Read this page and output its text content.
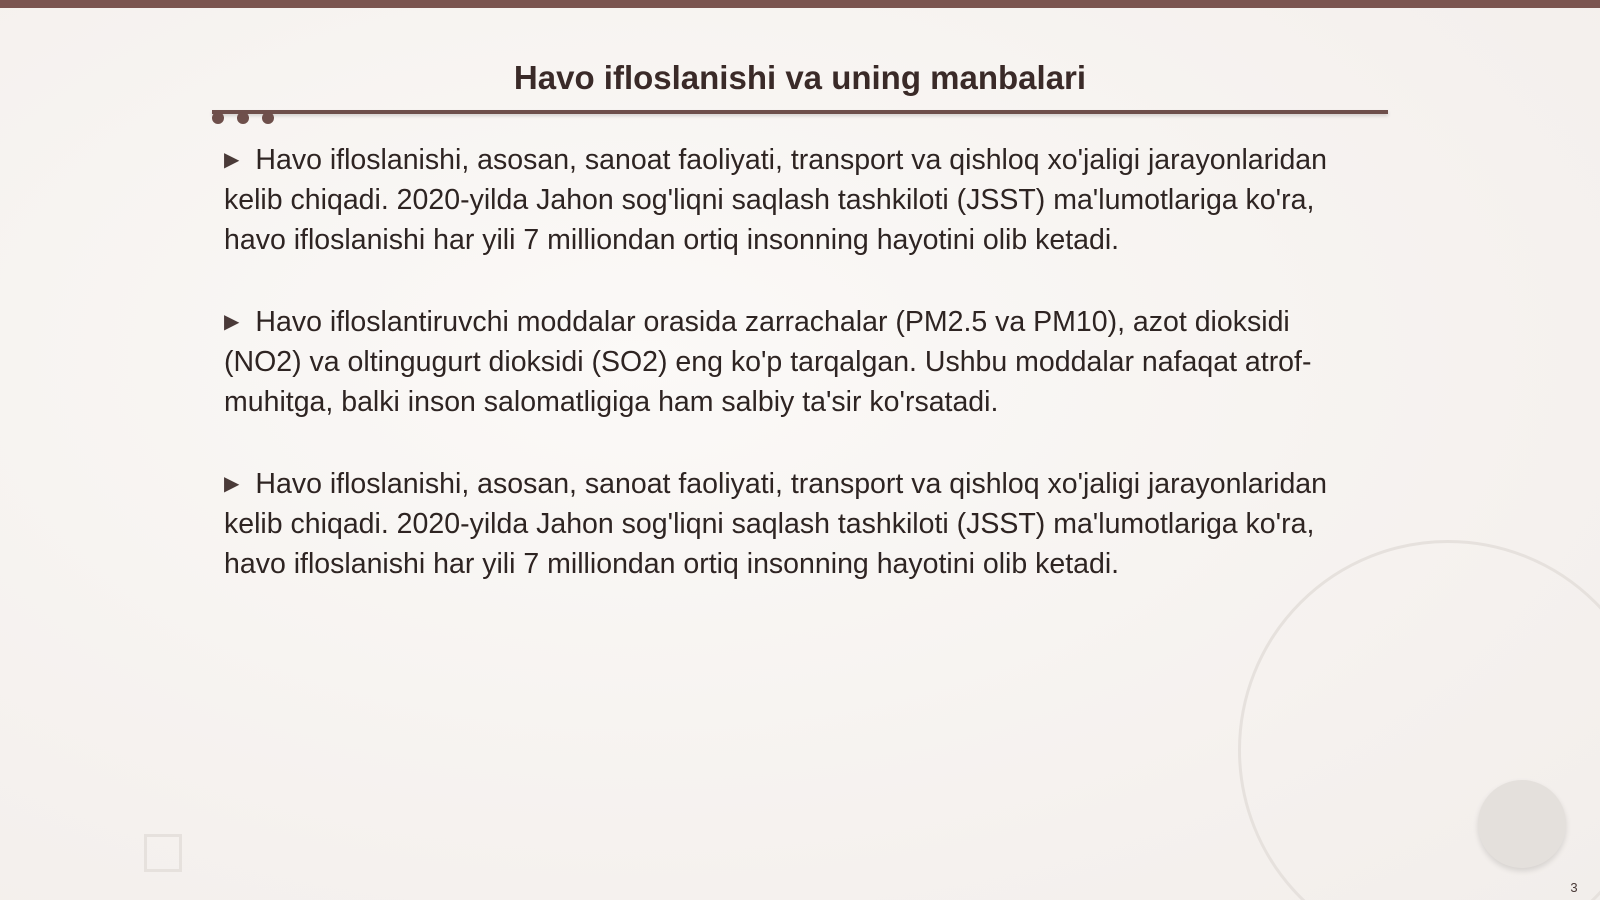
Havo ifloslanishi va uning manbalari

▶ Havo ifloslanishi, asosan, sanoat faoliyati, transport va qishloq xo'jaligi jarayonlaridan kelib chiqadi. 2020-yilda Jahon sog'liqni saqlash tashkiloti (JSST) ma'lumotlariga ko'ra, havo ifloslanishi har yili 7 milliondan ortiq insonning hayotini olib ketadi.

▶ Havo ifloslantiruvchi moddalar orasida zarrachalar (PM2.5 va PM10), azot dioksidi (NO2) va oltingugurt dioksidi (SO2) eng ko'p tarqalgan. Ushbu moddalar nafaqat atrof-muhitga, balki inson salomatligiga ham salbiy ta'sir ko'rsatadi.

▶ Havo ifloslanishi, asosan, sanoat faoliyati, transport va qishloq xo'jaligi jarayonlaridan kelib chiqadi. 2020-yilda Jahon sog'liqni saqlash tashkiloti (JSST) ma'lumotlariga ko'ra, havo ifloslanishi har yili 7 milliondan ortiq insonning hayotini olib ketadi.

3
